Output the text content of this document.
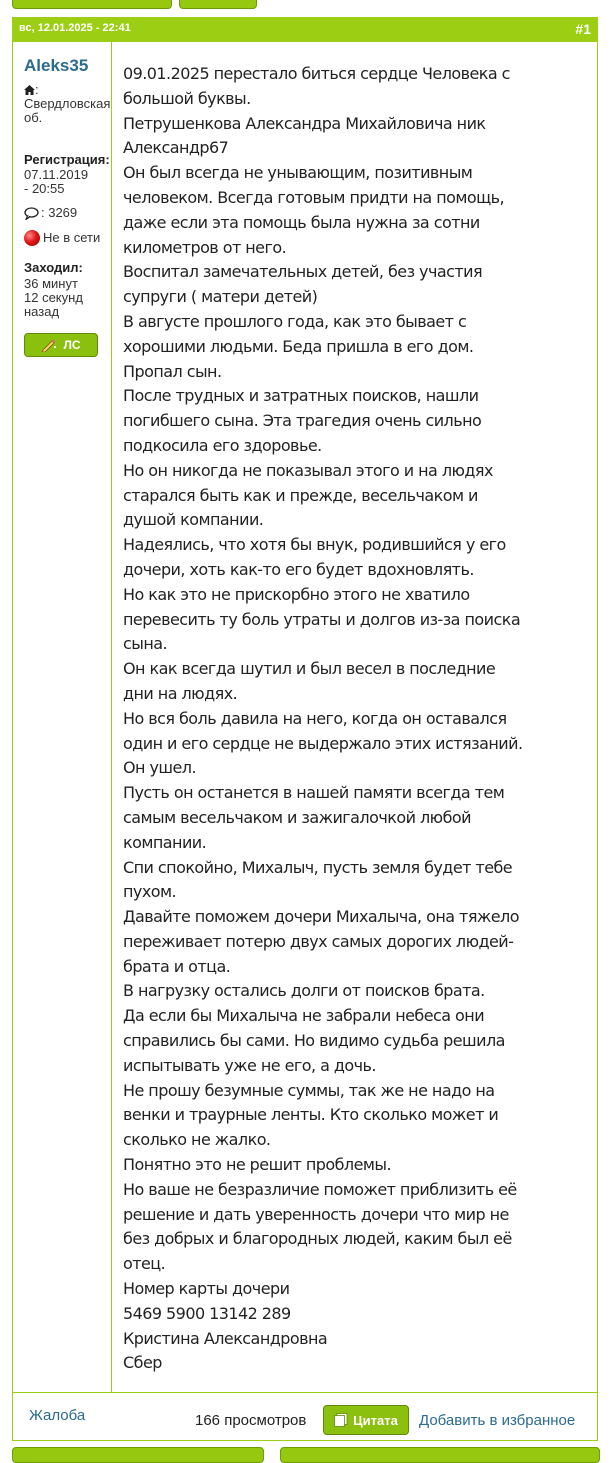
вс, 12.01.2025 - 22:41	#1
Aleks35
:
Свердловская
об.
Регистрация:
07.11.2019
- 20:55
: 3269
Не в сети
Заходил:
36 минут
12 секунд
назад
ЛС

09.01.2025 перестало биться сердце Человека с большой буквы.

Петрушенкова Александра Михайловича ник Александр67

Он был всегда не унывающим, позитивным человеком. Всегда готовым придти на помощь, даже если эта помощь была нужна за сотни километров от него.

Воспитал замечательных детей, без участия супруги ( матери детей)

В августе прошлого года, как это бывает с хорошими людьми. Беда пришла в его дом.

Пропал сын.

После трудных и затратных поисков, нашли погибшего сына. Эта трагедия очень сильно подкосила его здоровье.

Но он никогда не показывал этого и на людях старался быть как и прежде, весельчаком и душой компании.

Надеялись, что хотя бы внук, родившийся у его дочери, хоть как-то его будет вдохновлять.

Но как это не прискорбно этого не хватило перевесить ту боль утраты и долгов из-за поиска сына.

Он как всегда шутил и был весел в последние дни на людях.

Но вся боль давила на него, когда он оставался один и его сердце не выдержало этих истязаний.

Он ушел.

Пусть он останется в нашей памяти всегда тем самым весельчаком и зажигалочкой любой компании.

Спи спокойно, Михалыч, пусть земля будет тебе пухом.

Давайте поможем дочери Михалыча, она тяжело переживает потерю двух самых дорогих людей- брата и отца.

В нагрузку остались долги от поисков брата.

Да если бы Михалыча не забрали небеса они справились бы сами. Но видимо судьба решила испытывать уже не его, а дочь.

Не прошу безумные суммы, так же не надо на венки и траурные ленты. Кто сколько может и сколько не жалко.

Понятно это не решит проблемы.

Но ваше не безразличие поможет приблизить её решение и дать уверенность дочери что мир не без добрых и благородных людей, каким был её отец.

Номер карты дочери

5469 5900 13142 289

Кристина Александровна

Сбер

Жалоба	166 просмотров	Цитата Добавить в избранное
